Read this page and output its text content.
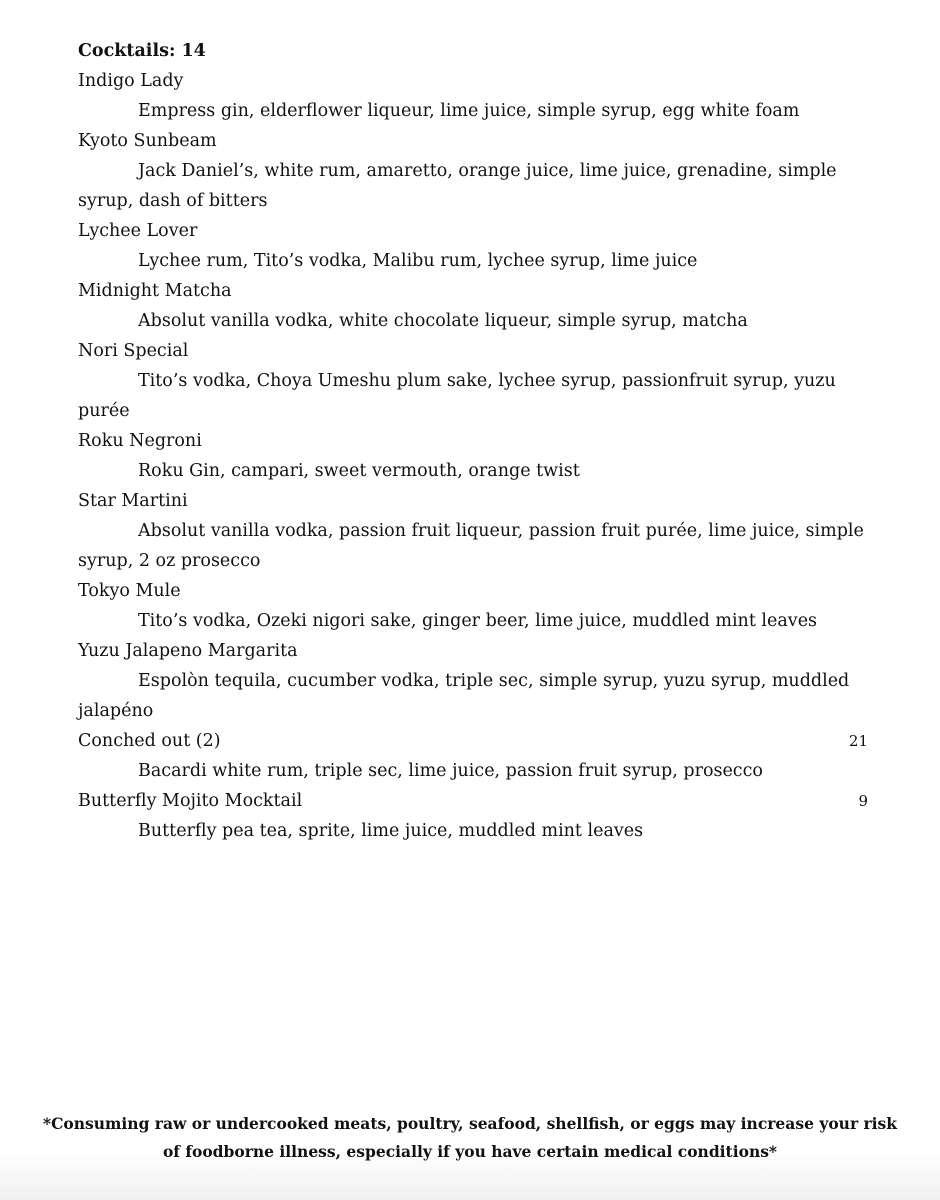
Cocktails: 14
Indigo Lady
Empress gin, elderflower liqueur, lime juice, simple syrup, egg white foam
Kyoto Sunbeam
Jack Daniel’s, white rum, amaretto, orange juice, lime juice, grenadine, simple syrup, dash of bitters
Lychee Lover
Lychee rum, Tito’s vodka, Malibu rum, lychee syrup, lime juice
Midnight Matcha
Absolut vanilla vodka, white chocolate liqueur, simple syrup, matcha
Nori Special
Tito’s vodka, Choya Umeshu plum sake, lychee syrup, passionfruit syrup, yuzu purée
Roku Negroni
Roku Gin, campari, sweet vermouth, orange twist
Star Martini
Absolut vanilla vodka, passion fruit liqueur, passion fruit purée, lime juice, simple syrup, 2 oz prosecco
Tokyo Mule
Tito’s vodka, Ozeki nigori sake, ginger beer, lime juice, muddled mint leaves
Yuzu Jalapeno Margarita
Espolòn tequila, cucumber vodka, triple sec, simple syrup, yuzu syrup, muddled jalapéno
Conched out (2)	21
Bacardi white rum, triple sec, lime juice, passion fruit syrup, prosecco
Butterfly Mojito Mocktail	9
Butterfly pea tea, sprite, lime juice, muddled mint leaves
*Consuming raw or undercooked meats, poultry, seafood, shellfish, or eggs may increase your risk of foodborne illness, especially if you have certain medical conditions*
